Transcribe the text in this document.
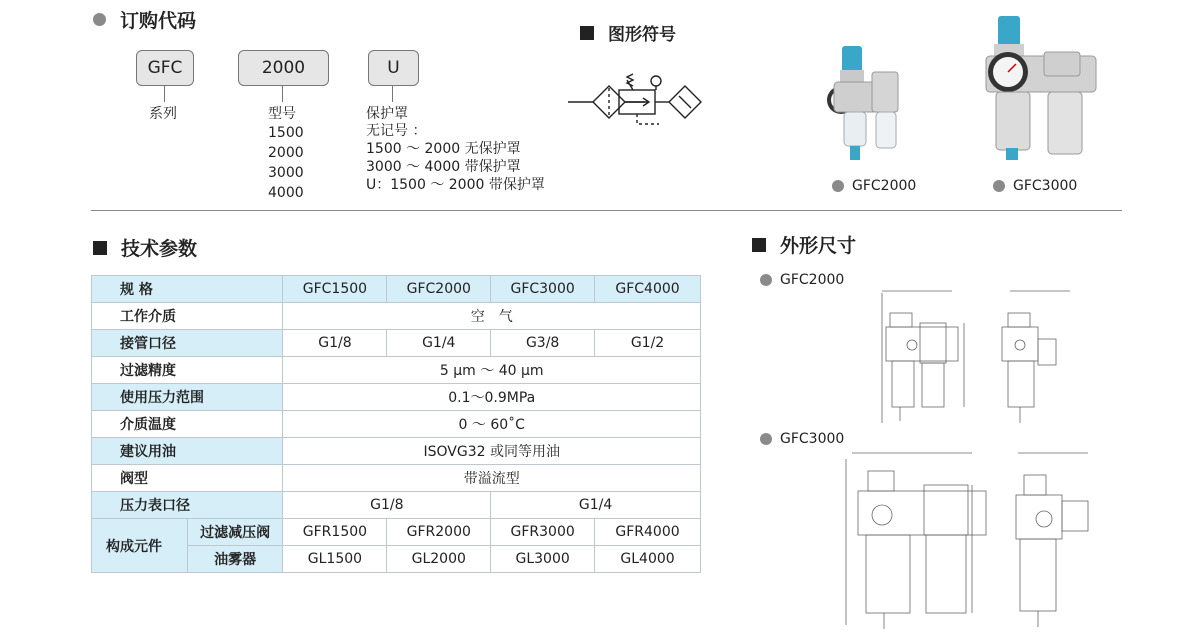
订购代码
GFC	2000	U
系列	型号
1500
2000
3000
4000
保护罩
无记号 ：
1500 ～ 2000 无保护罩
3000 ～ 4000 带保护罩
U：1500 ～ 2000 带保护罩
图形符号
GFC2000	GFC3000
技术参数
规 格		GFC1500	GFC2000	GFC3000	GFC4000
工作介质		空　气			
接管口径		G1/8	G1/4	G3/8	G1/2
过滤精度		5 μm ～ 40 μm			
使用压力范围		0.1～0.9MPa			
介质温度		0 ～ 60˚C			
建议用油		ISOVG32 或同等用油			
阀型		带溢流型			
压力表口径		G1/8		G1/4	
构成元件	过滤减压阀	GFR1500	GFR2000	GFR3000	GFR4000
	油雾器	GL1500	GL2000	GL3000	GL4000
外形尺寸
GFC2000
GFC3000
